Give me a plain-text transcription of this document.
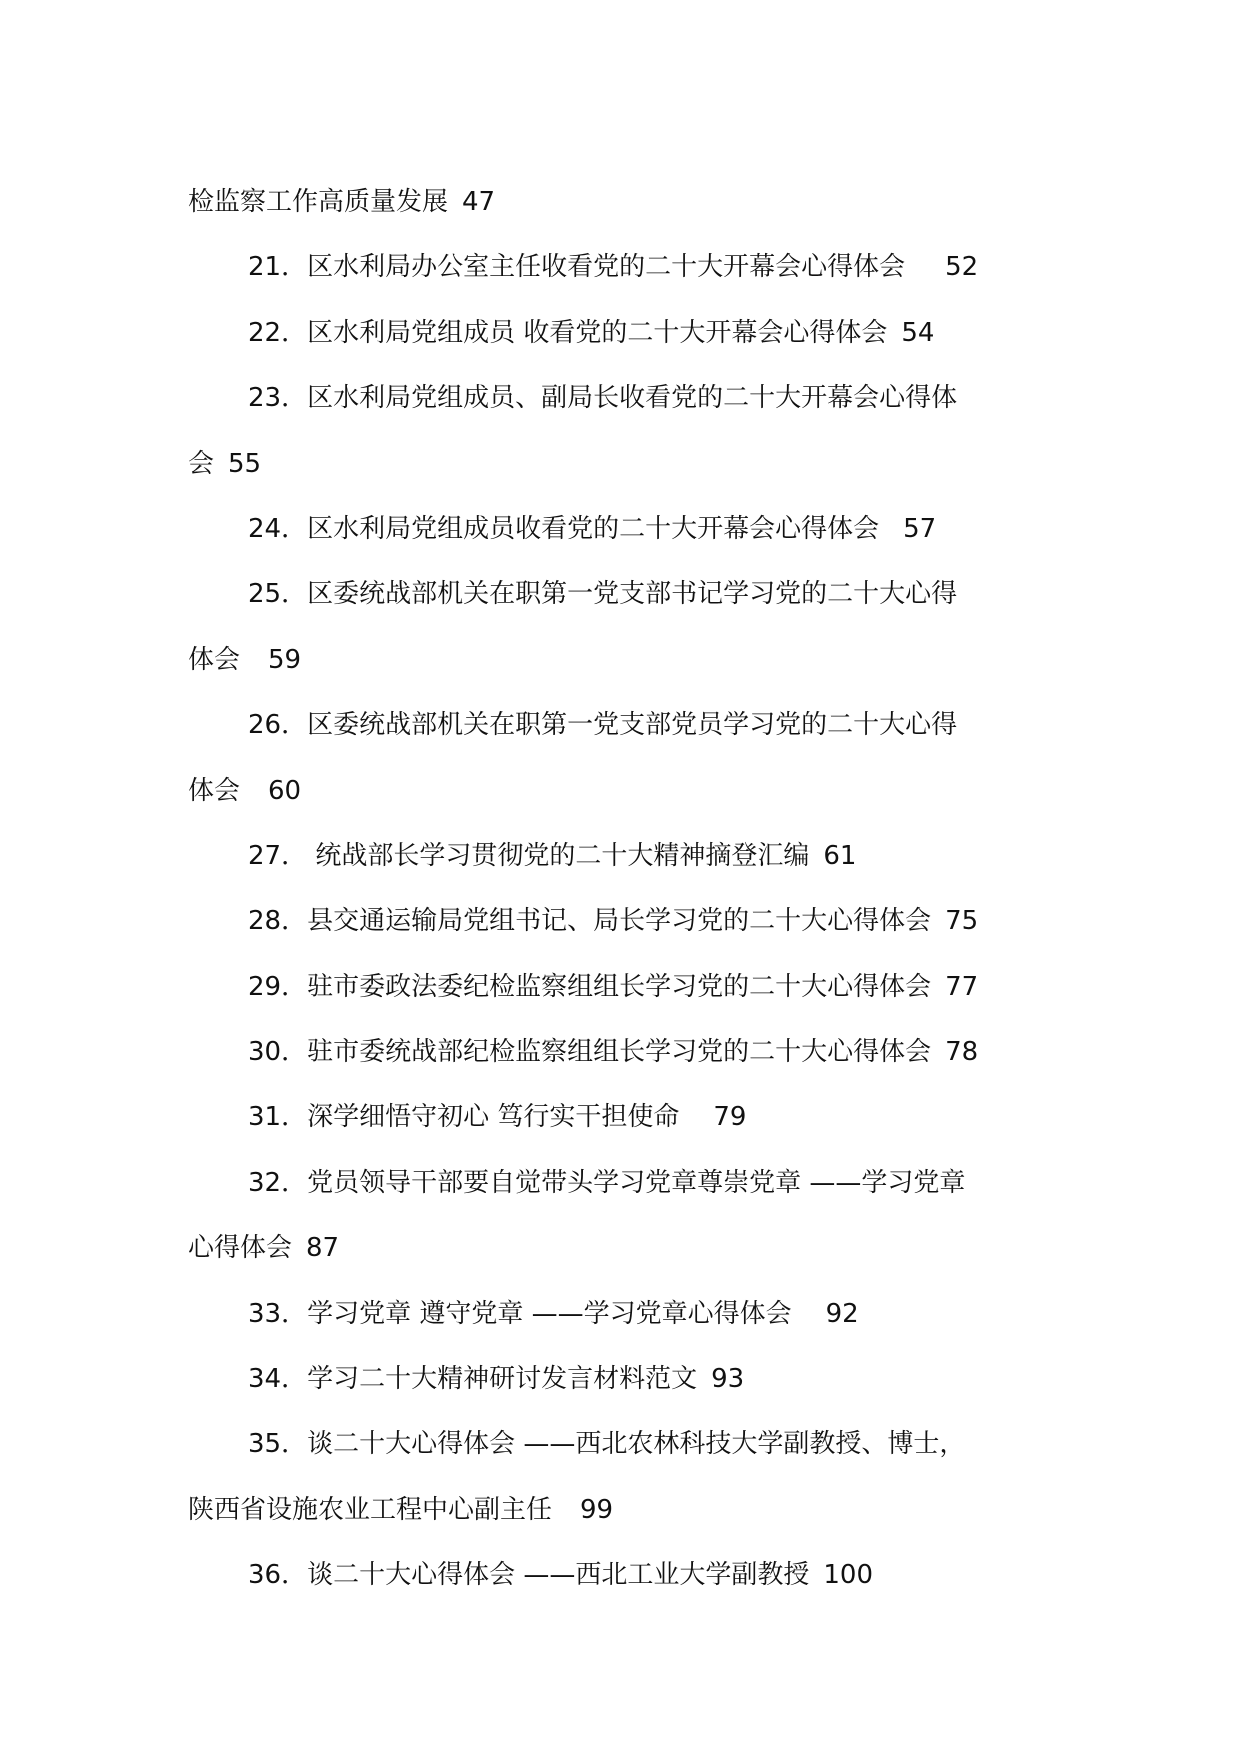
检监察工作高质量发展 47
21．区水利局办公室主任收看党的二十大开幕会心得体会 52
22．区水利局党组成员 收看党的二十大开幕会心得体会 54
23．区水利局党组成员、副局长收看党的二十大开幕会心得体
会 55
24．区水利局党组成员收看党的二十大开幕会心得体会 57
25．区委统战部机关在职第一党支部书记学习党的二十大心得
体会 59
26．区委统战部机关在职第一党支部党员学习党的二十大心得
体会 60
27． 统战部长学习贯彻党的二十大精神摘登汇编 61
28．县交通运输局党组书记、局长学习党的二十大心得体会 75
29．驻市委政法委纪检监察组组长学习党的二十大心得体会 77
30．驻市委统战部纪检监察组组长学习党的二十大心得体会 78
31．深学细悟守初心 笃行实干担使命 79
32．党员领导干部要自觉带头学习党章尊崇党章 ——学习党章
心得体会 87
33．学习党章 遵守党章 ——学习党章心得体会 92
34．学习二十大精神研讨发言材料范文 93
35．谈二十大心得体会 ——西北农林科技大学副教授、博士，
陕西省设施农业工程中心副主任 99
36．谈二十大心得体会 ——西北工业大学副教授 100
